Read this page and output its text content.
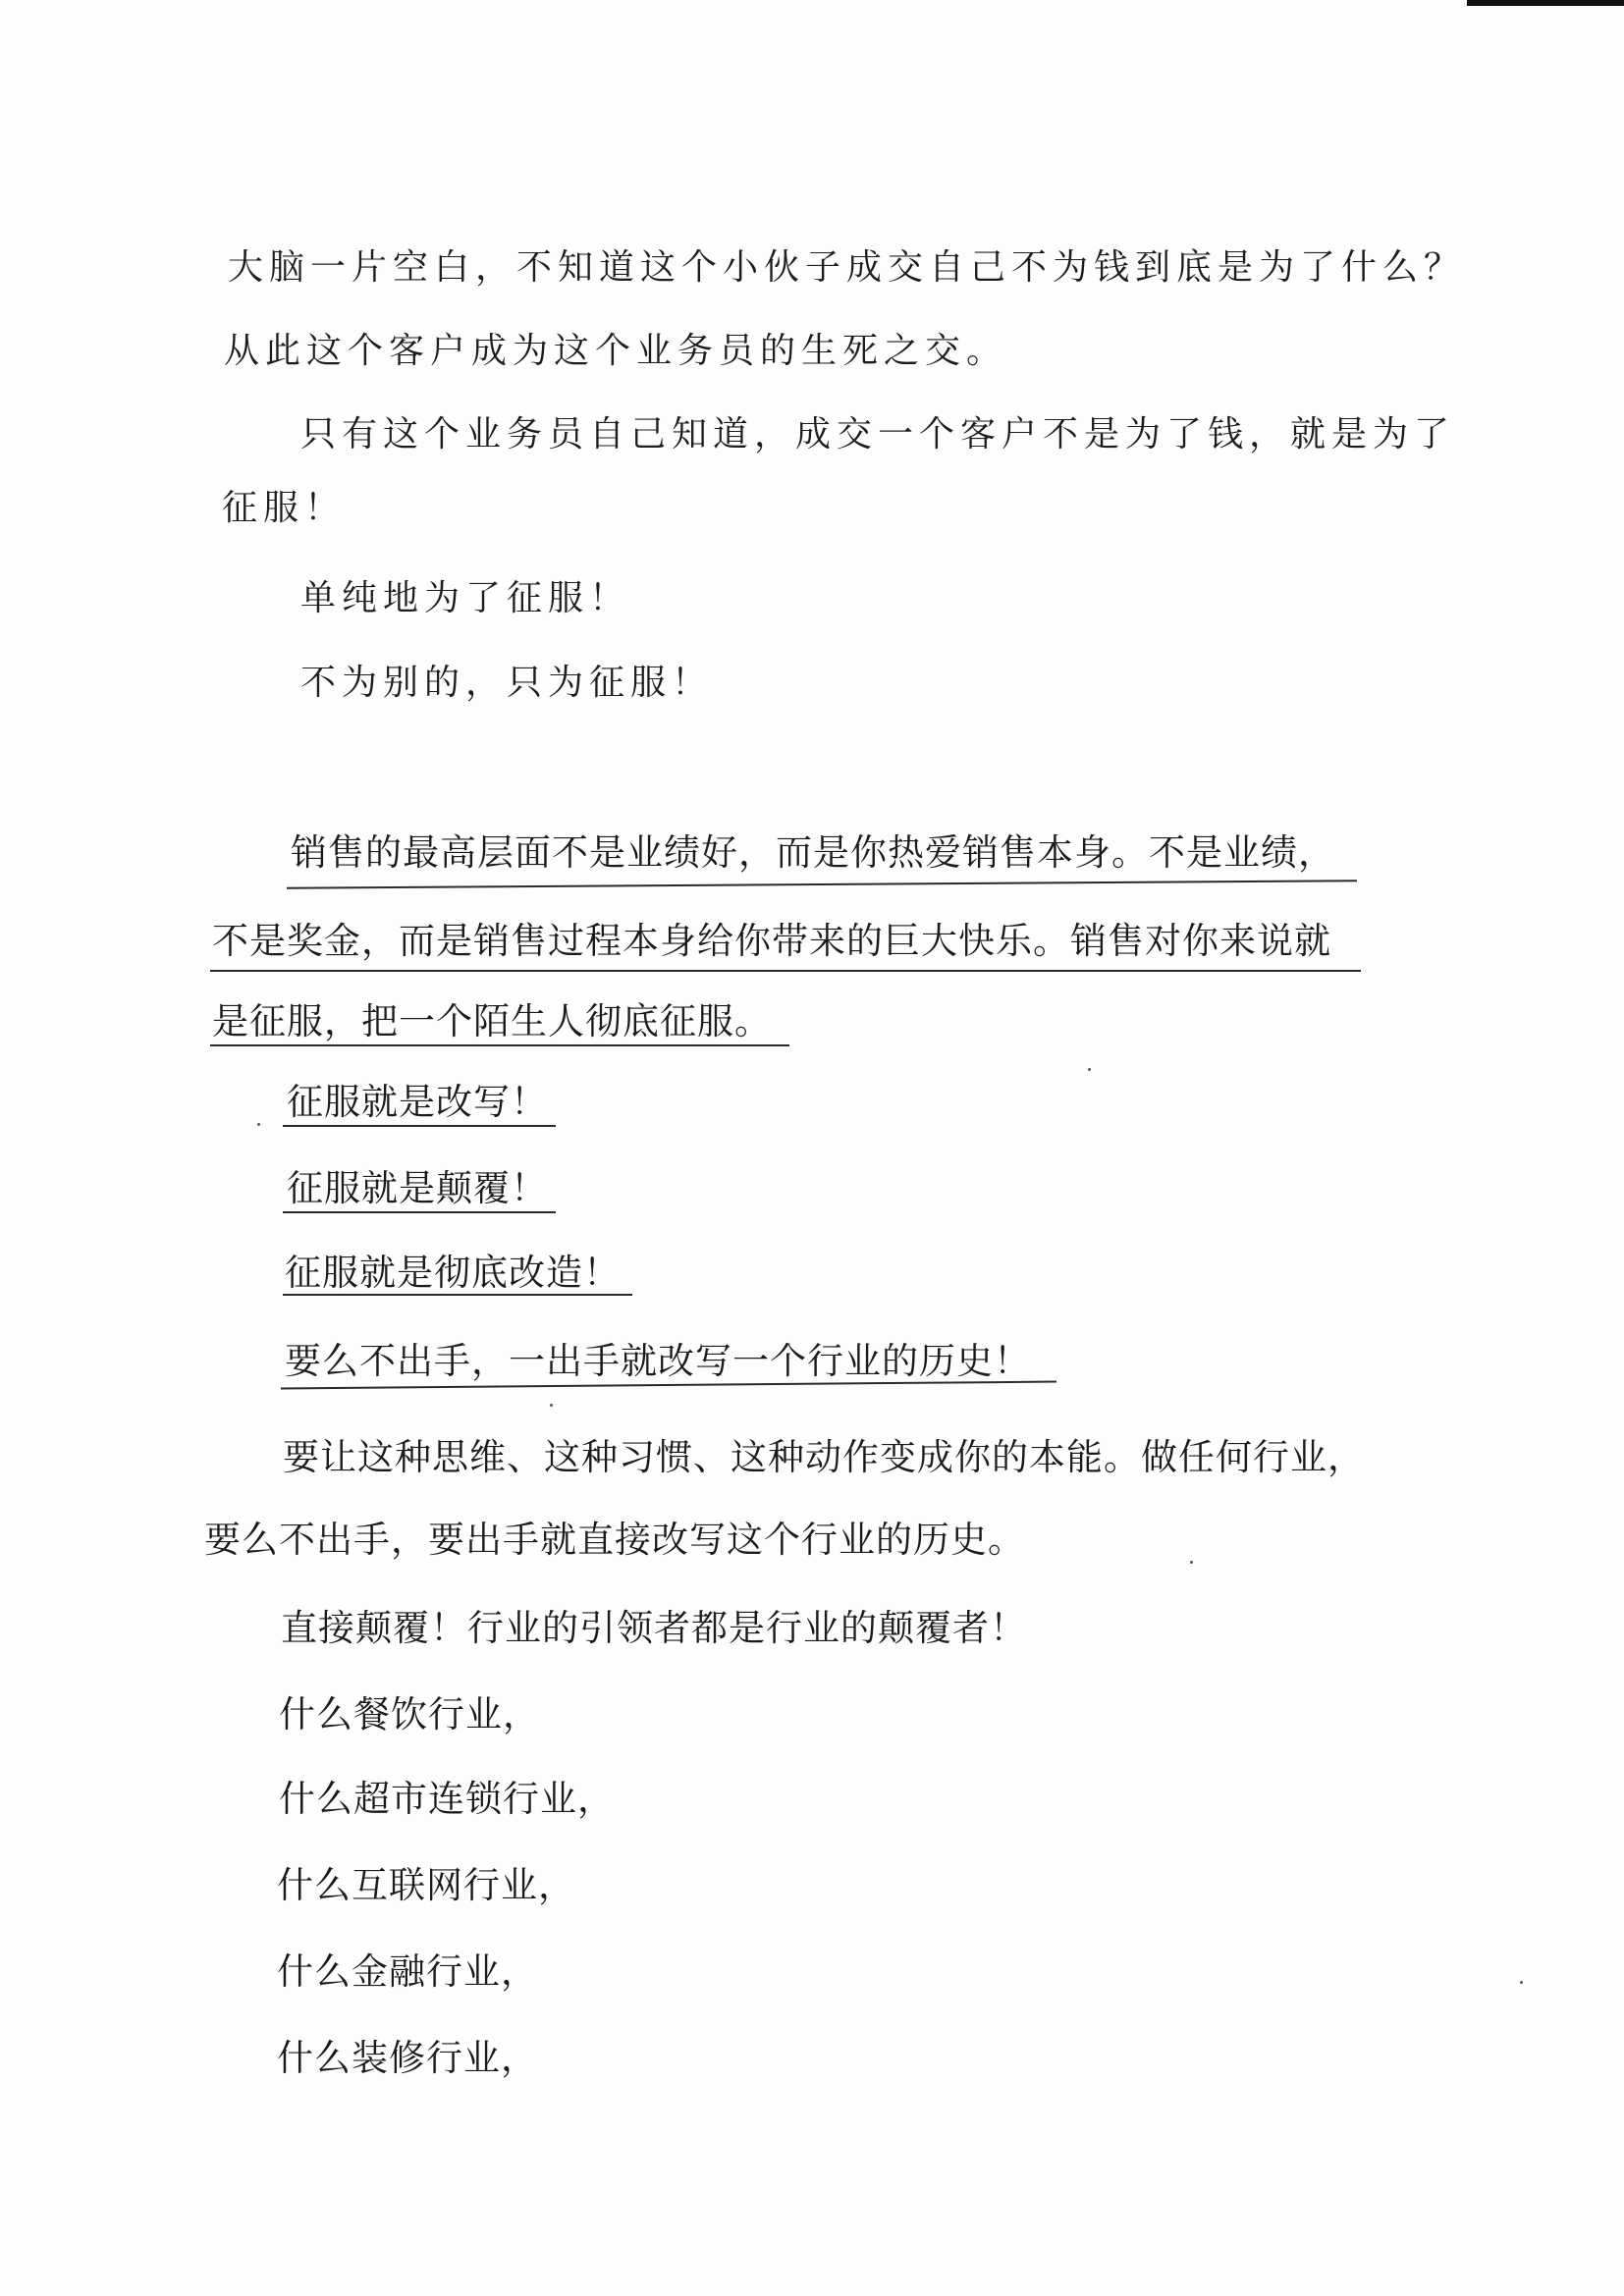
大脑一片空白，不知道这个小伙子成交自己不为钱到底是为了什么？

从此这个客户成为这个业务员的生死之交。

只有这个业务员自己知道，成交一个客户不是为了钱，就是为了

征服！

单纯地为了征服！

不为别的，只为征服！

销售的最高层面不是业绩好，而是你热爱销售本身。不是业绩，

不是奖金，而是销售过程本身给你带来的巨大快乐。销售对你来说就

是征服，把一个陌生人彻底征服。

征服就是改写！

征服就是颠覆！

征服就是彻底改造！

要么不出手，一出手就改写一个行业的历史！

要让这种思维、这种习惯、这种动作变成你的本能。做任何行业，

要么不出手，要出手就直接改写这个行业的历史。

直接颠覆！行业的引领者都是行业的颠覆者！

什么餐饮行业，

什么超市连锁行业，

什么互联网行业，

什么金融行业，

什么装修行业，
